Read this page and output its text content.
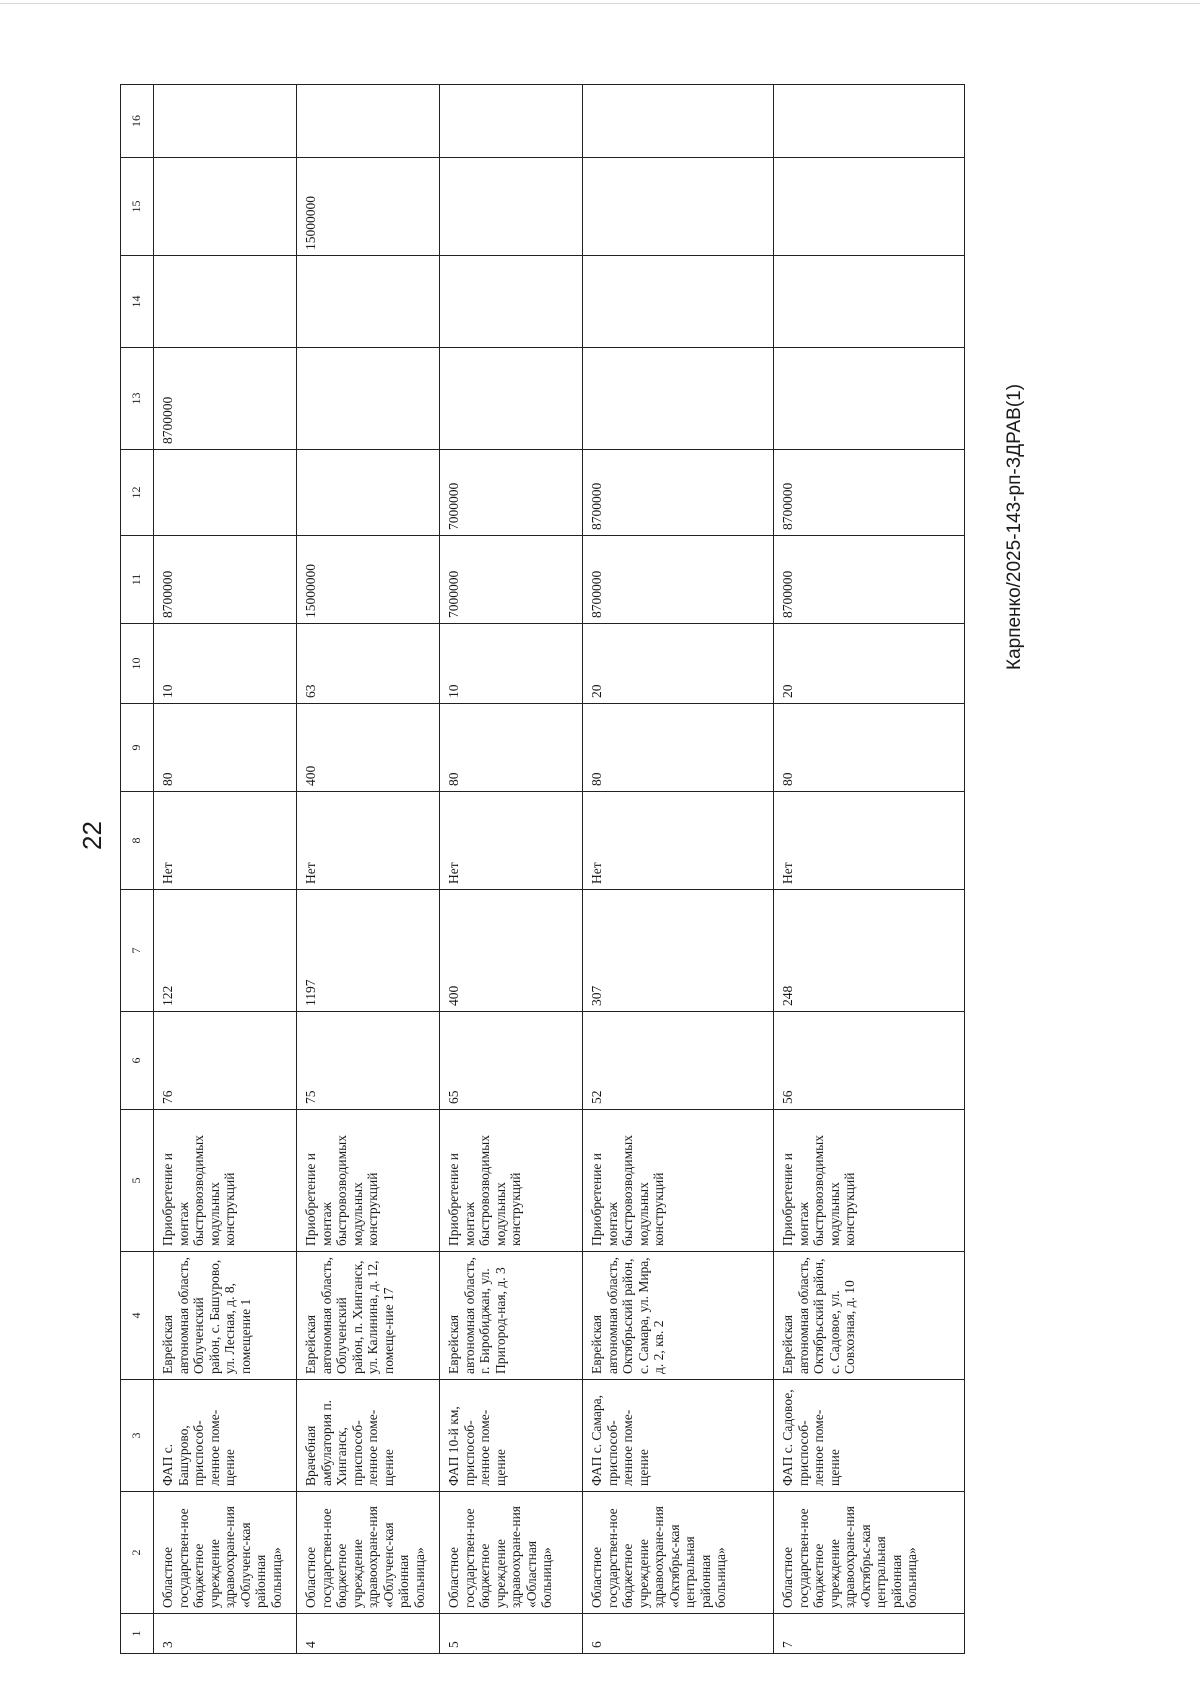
22
Карпенко/2025-143-рп-ЗДРАВ(1)
1	2	3	4	5	6	7	8	9	10	11	12	13	14	15	16
3	Областное государствен-ное бюджетное учреждение здравоохране-ния «Облученс-кая районная больница»	ФАП с. Башурово, приспособ-ленное поме-щение	Еврейская автономная область, Облученский район, с. Башурово, ул. Лесная, д. 8, помещение 1	Приобретение и монтаж быстровозводимых модульных конструкций	76	122	Нет	80	10	8700000		8700000			
4	Областное государствен-ное бюджетное учреждение здравоохране-ния «Облученс-кая районная больница»	Врачебная амбулатория п. Хинганск, приспособ-ленное поме-щение	Еврейская автономная область, Облученский район, п. Хинганск, ул. Калинина, д. 12, помеще-ние 17	Приобретение и монтаж быстровозводимых модульных конструкций	75	1197	Нет	400	63	15000000				15000000	
5	Областное государствен-ное бюджетное учреждение здравоохране-ния «Областная больница»	ФАП 10-й км, приспособ-ленное поме-щение	Еврейская автономная область, г. Биробиджан, ул. Пригород-ная, д. 3	Приобретение и монтаж быстровозводимых модульных конструкций	65	400	Нет	80	10	7000000	7000000				
6	Областное государствен-ное бюджетное учреждение здравоохране-ния «Октябрьс-кая центральная районная больница»	ФАП с. Самара, приспособ-ленное поме-щение	Еврейская автономная область, Октябрьский район, с. Самара, ул. Мира, д. 2, кв. 2	Приобретение и монтаж быстровозводимых модульных конструкций	52	307	Нет	80	20	8700000	8700000				
7	Областное государствен-ное бюджетное учреждение здравоохране-ния «Октябрьс-кая центральная районная больница»	ФАП с. Садовое, приспособ-ленное поме-щение	Еврейская автономная область, Октябрьский район, с. Садовое, ул. Совхозная, д. 10	Приобретение и монтаж быстровозводимых модульных конструкций	56	248	Нет	80	20	8700000	8700000				
